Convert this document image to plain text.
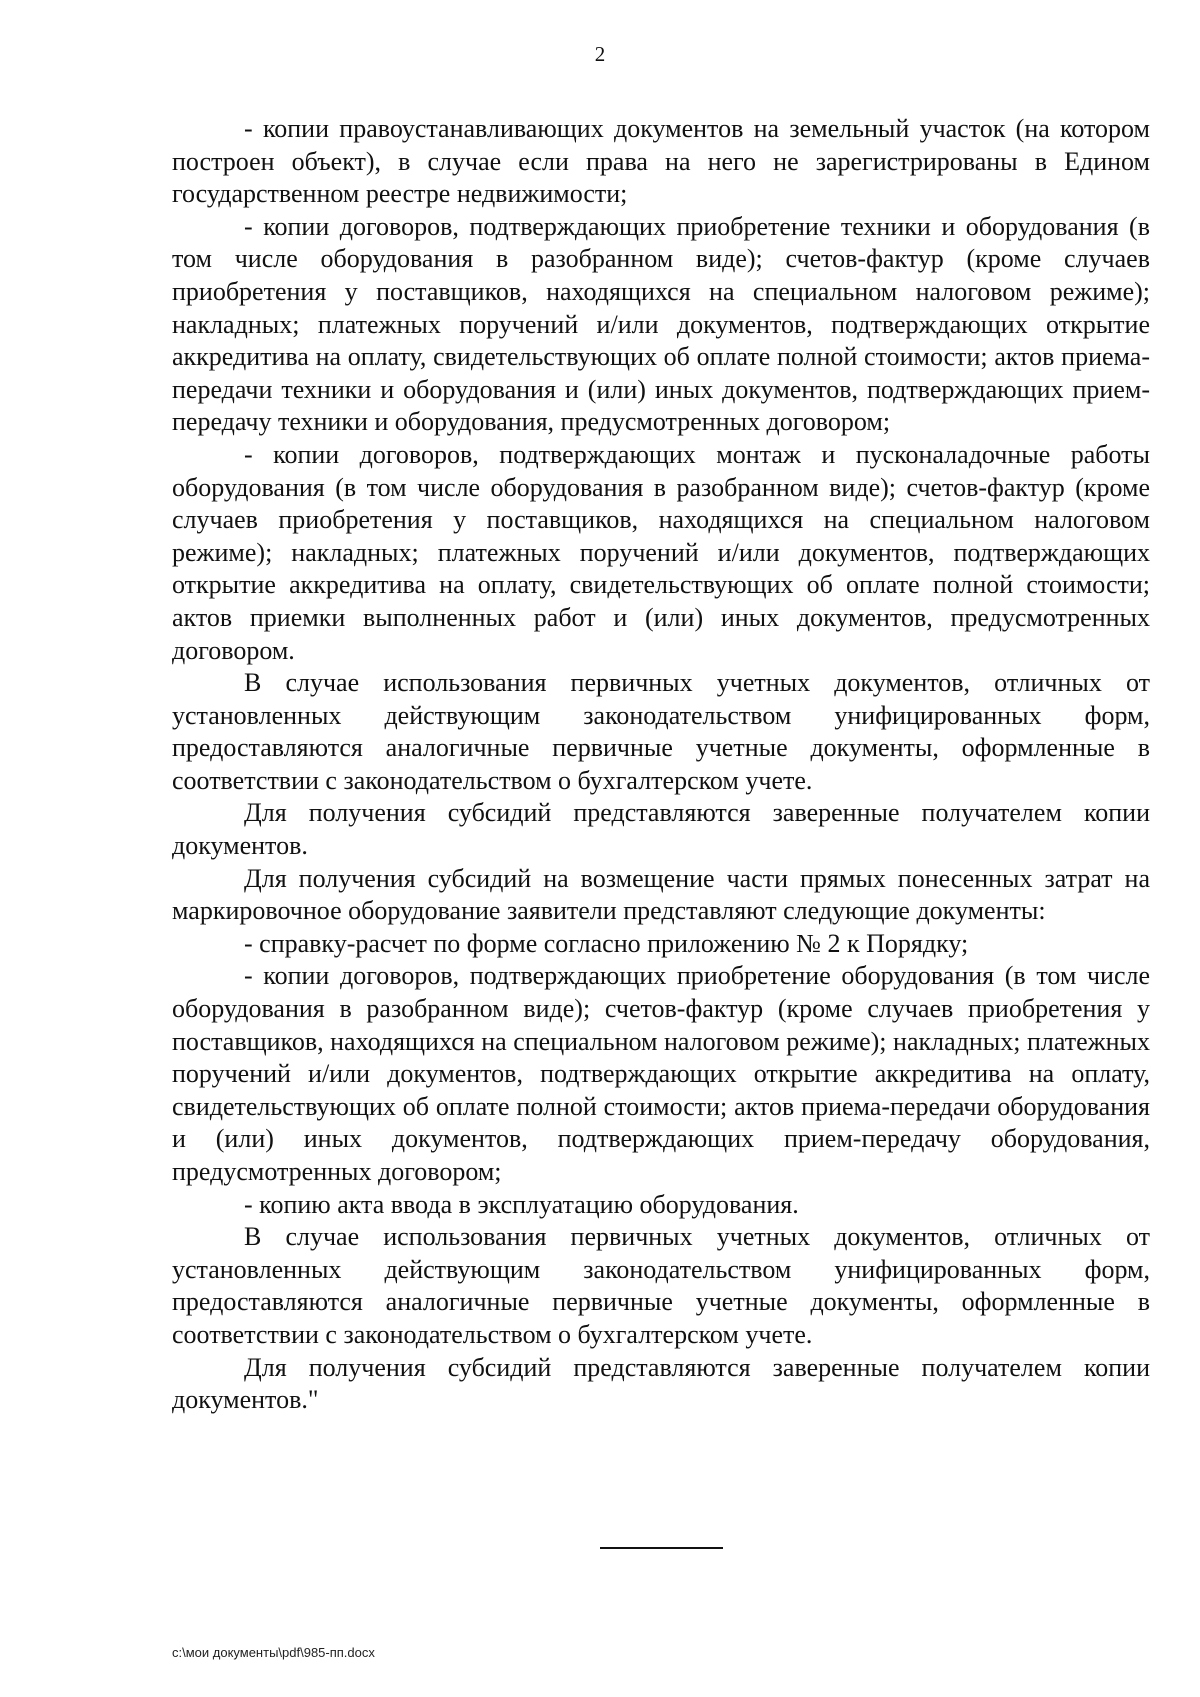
2

- копии правоустанавливающих документов на земельный участок (на котором построен объект), в случае если права на него не зарегистрированы в Едином государственном реестре недвижимости;

- копии договоров, подтверждающих приобретение техники и оборудования (в том числе оборудования в разобранном виде); счетов-фактур (кроме случаев приобретения у поставщиков, находящихся на специальном налоговом режиме); накладных; платежных поручений и/или документов, подтверждающих открытие аккредитива на оплату, свидетельствующих об оплате полной стоимости; актов приема-передачи техники и оборудования и (или) иных документов, подтверждающих прием-передачу техники и оборудования, предусмотренных договором;

- копии договоров, подтверждающих монтаж и пусконаладочные работы оборудования (в том числе оборудования в разобранном виде); счетов-фактур (кроме случаев приобретения у поставщиков, находящихся на специальном налоговом режиме); накладных; платежных поручений и/или документов, подтверждающих открытие аккредитива на оплату, свидетельствующих об оплате полной стоимости; актов приемки выполненных работ и (или) иных документов, предусмотренных договором.

В случае использования первичных учетных документов, отличных от установленных действующим законодательством унифицированных форм, предоставляются аналогичные первичные учетные документы, оформленные в соответствии с законодательством о бухгалтерском учете.

Для получения субсидий представляются заверенные получателем копии документов.

Для получения субсидий на возмещение части прямых понесенных затрат на маркировочное оборудование заявители представляют следующие документы:

- справку-расчет по форме согласно приложению № 2 к Порядку;

- копии договоров, подтверждающих приобретение оборудования (в том числе оборудования в разобранном виде); счетов-фактур (кроме случаев приобретения у поставщиков, находящихся на специальном налоговом режиме); накладных; платежных поручений и/или документов, подтверждающих открытие аккредитива на оплату, свидетельствующих об оплате полной стоимости; актов приема-передачи оборудования и (или) иных документов, подтверждающих прием-передачу оборудования, предусмотренных договором;

- копию акта ввода в эксплуатацию оборудования.

В случае использования первичных учетных документов, отличных от установленных действующим законодательством унифицированных форм, предоставляются аналогичные первичные учетные документы, оформленные в соответствии с законодательством о бухгалтерском учете.

Для получения субсидий представляются заверенные получателем копии документов."

c:\мои документы\pdf\985-пп.docx
